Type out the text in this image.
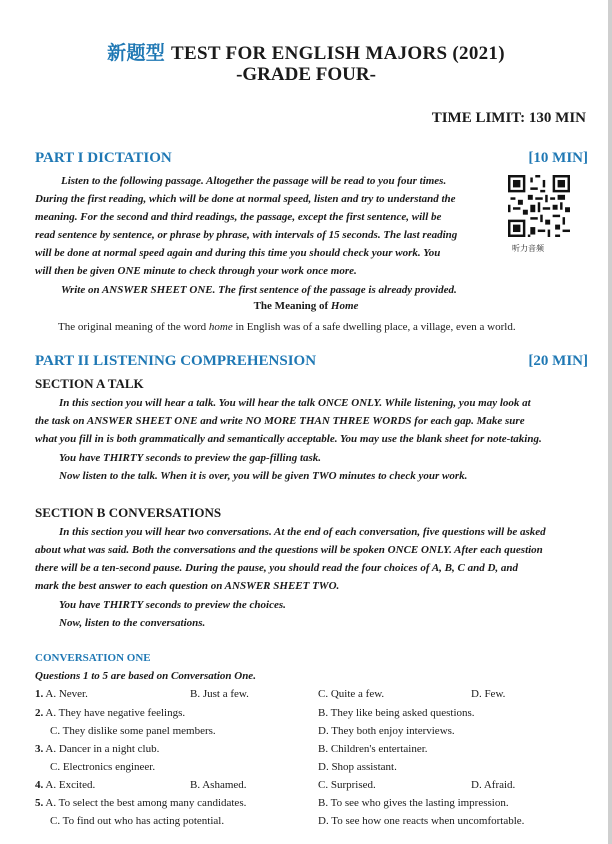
新题型 TEST FOR ENGLISH MAJORS (2021)
-GRADE FOUR-
TIME LIMIT: 130 MIN
PART I DICTATION	[10 MIN]
Listen to the following passage. Altogether the passage will be read to you four times.
During the first reading, which will be done at normal speed, listen and try to understand the
meaning. For the second and third readings, the passage, except the first sentence, will be
read sentence by sentence, or phrase by phrase, with intervals of 15 seconds. The last reading
will be done at normal speed again and during this time you should check your work. You
will then be given ONE minute to check through your work once more.
听力音频
Write on ANSWER SHEET ONE. The first sentence of the passage is already provided.
The Meaning of Home
The original meaning of the word home in English was of a safe dwelling place, a village, even a world.
PART II LISTENING COMPREHENSION	[20 MIN]
SECTION A TALK
In this section you will hear a talk. You will hear the talk ONCE ONLY. While listening, you may look at
the task on ANSWER SHEET ONE and write NO MORE THAN THREE WORDS for each gap. Make sure
what you fill in is both grammatically and semantically acceptable. You may use the blank sheet for note-taking.
You have THIRTY seconds to preview the gap-filling task.
Now listen to the talk. When it is over, you will be given TWO minutes to check your work.
SECTION B CONVERSATIONS
In this section you will hear two conversations. At the end of each conversation, five questions will be asked
about what was said. Both the conversations and the questions will be spoken ONCE ONLY. After each question
there will be a ten-second pause. During the pause, you should read the four choices of A, B, C and D, and
mark the best answer to each question on ANSWER SHEET TWO.
You have THIRTY seconds to preview the choices.
Now, listen to the conversations.
CONVERSATION ONE
Questions 1 to 5 are based on Conversation One.
1. A. Never.	B. Just a few.	C. Quite a few.	D. Few.
2. A. They have negative feelings.	B. They like being asked questions.
C. They dislike some panel members.	D. They both enjoy interviews.
3. A. Dancer in a night club.	B. Children's entertainer.
C. Electronics engineer.	D. Shop assistant.
4. A. Excited.	B. Ashamed.	C. Surprised.	D. Afraid.
5. A. To select the best among many candidates.	B. To see who gives the lasting impression.
C. To find out who has acting potential.	D. To see how one reacts when uncomfortable.
